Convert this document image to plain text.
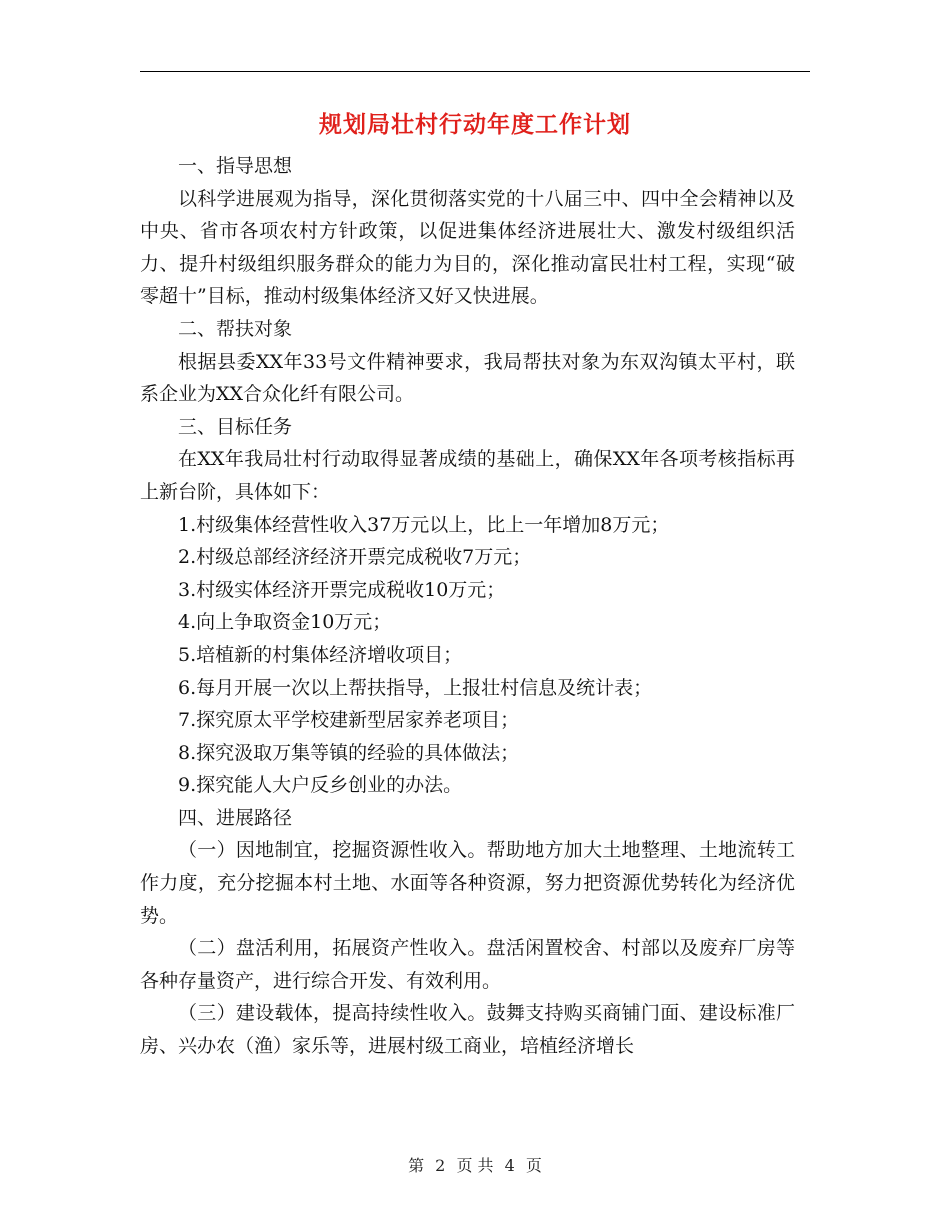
规划局壮村行动年度工作计划

一、指导思想

以科学进展观为指导，深化贯彻落实党的十八届三中、四中全会精神以及中央、省市各项农村方针政策，以促进集体经济进展壮大、激发村级组织活力、提升村级组织服务群众的能力为目的，深化推动富民壮村工程，实现“破零超十”目标，推动村级集体经济又好又快进展。

二、帮扶对象

根据县委XX年33号文件精神要求，我局帮扶对象为东双沟镇太平村，联系企业为XX合众化纤有限公司。

三、目标任务

在XX年我局壮村行动取得显著成绩的基础上，确保XX年各项考核指标再上新台阶，具体如下：

1.村级集体经营性收入37万元以上，比上一年增加8万元；

2.村级总部经济经济开票完成税收7万元；

3.村级实体经济开票完成税收10万元；

4.向上争取资金10万元；

5.培植新的村集体经济增收项目；

6.每月开展一次以上帮扶指导，上报壮村信息及统计表；

7.探究原太平学校建新型居家养老项目；

8.探究汲取万集等镇的经验的具体做法；

9.探究能人大户反乡创业的办法。

四、进展路径

（一）因地制宜，挖掘资源性收入。帮助地方加大土地整理、土地流转工作力度，充分挖掘本村土地、水面等各种资源，努力把资源优势转化为经济优势。

（二）盘活利用，拓展资产性收入。盘活闲置校舍、村部以及废弃厂房等各种存量资产，进行综合开发、有效利用。

（三）建设载体，提高持续性收入。鼓舞支持购买商铺门面、建设标准厂房、兴办农（渔）家乐等，进展村级工商业，培植经济增长

第 2 页 共 4 页
